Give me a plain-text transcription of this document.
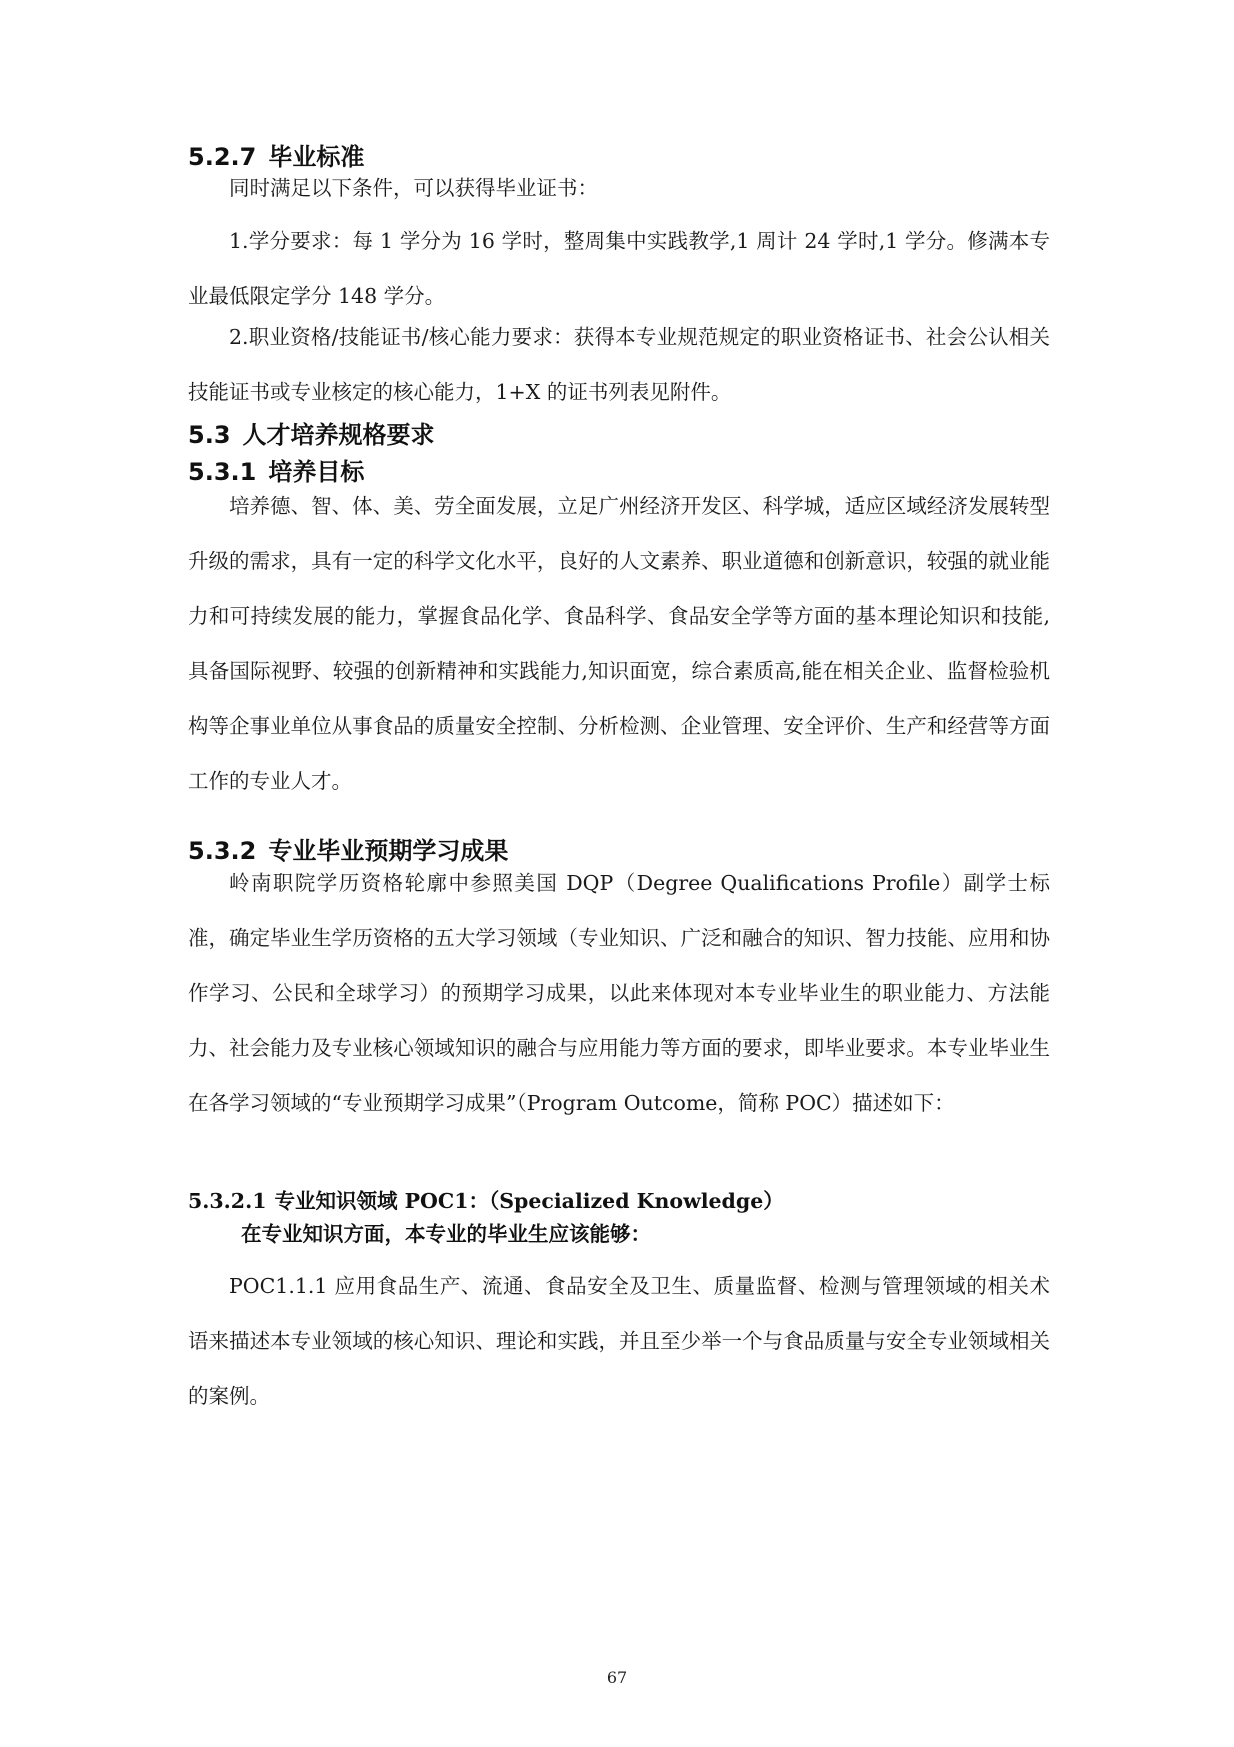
5.2.7 毕业标准

同时满足以下条件，可以获得毕业证书：

1.学分要求：每 1 学分为 16 学时，整周集中实践教学,1 周计 24 学时,1 学分。修满本专业最低限定学分 148 学分。

2.职业资格/技能证书/核心能力要求：获得本专业规范规定的职业资格证书、社会公认相关技能证书或专业核定的核心能力，1+X 的证书列表见附件。

5.3 人才培养规格要求
5.3.1 培养目标

培养德、智、体、美、劳全面发展，立足广州经济开发区、科学城，适应区域经济发展转型升级的需求，具有一定的科学文化水平，良好的人文素养、职业道德和创新意识，较强的就业能力和可持续发展的能力，掌握食品化学、食品科学、食品安全学等方面的基本理论知识和技能,具备国际视野、较强的创新精神和实践能力,知识面宽，综合素质高,能在相关企业、监督检验机构等企事业单位从事食品的质量安全控制、分析检测、企业管理、安全评价、生产和经营等方面工作的专业人才。

5.3.2 专业毕业预期学习成果

岭南职院学历资格轮廓中参照美国 DQP（Degree Qualifications Profile）副学士标准，确定毕业生学历资格的五大学习领域（专业知识、广泛和融合的知识、智力技能、应用和协作学习、公民和全球学习）的预期学习成果，以此来体现对本专业毕业生的职业能力、方法能力、社会能力及专业核心领域知识的融合与应用能力等方面的要求，即毕业要求。本专业毕业生在各学习领域的“专业预期学习成果”（Program Outcome，简称 POC）描述如下：

5.3.2.1 专业知识领域 POC1：（Specialized Knowledge）
在专业知识方面，本专业的毕业生应该能够：

POC1.1.1 应用食品生产、流通、食品安全及卫生、质量监督、检测与管理领域的相关术语来描述本专业领域的核心知识、理论和实践，并且至少举一个与食品质量与安全专业领域相关的案例。

67
